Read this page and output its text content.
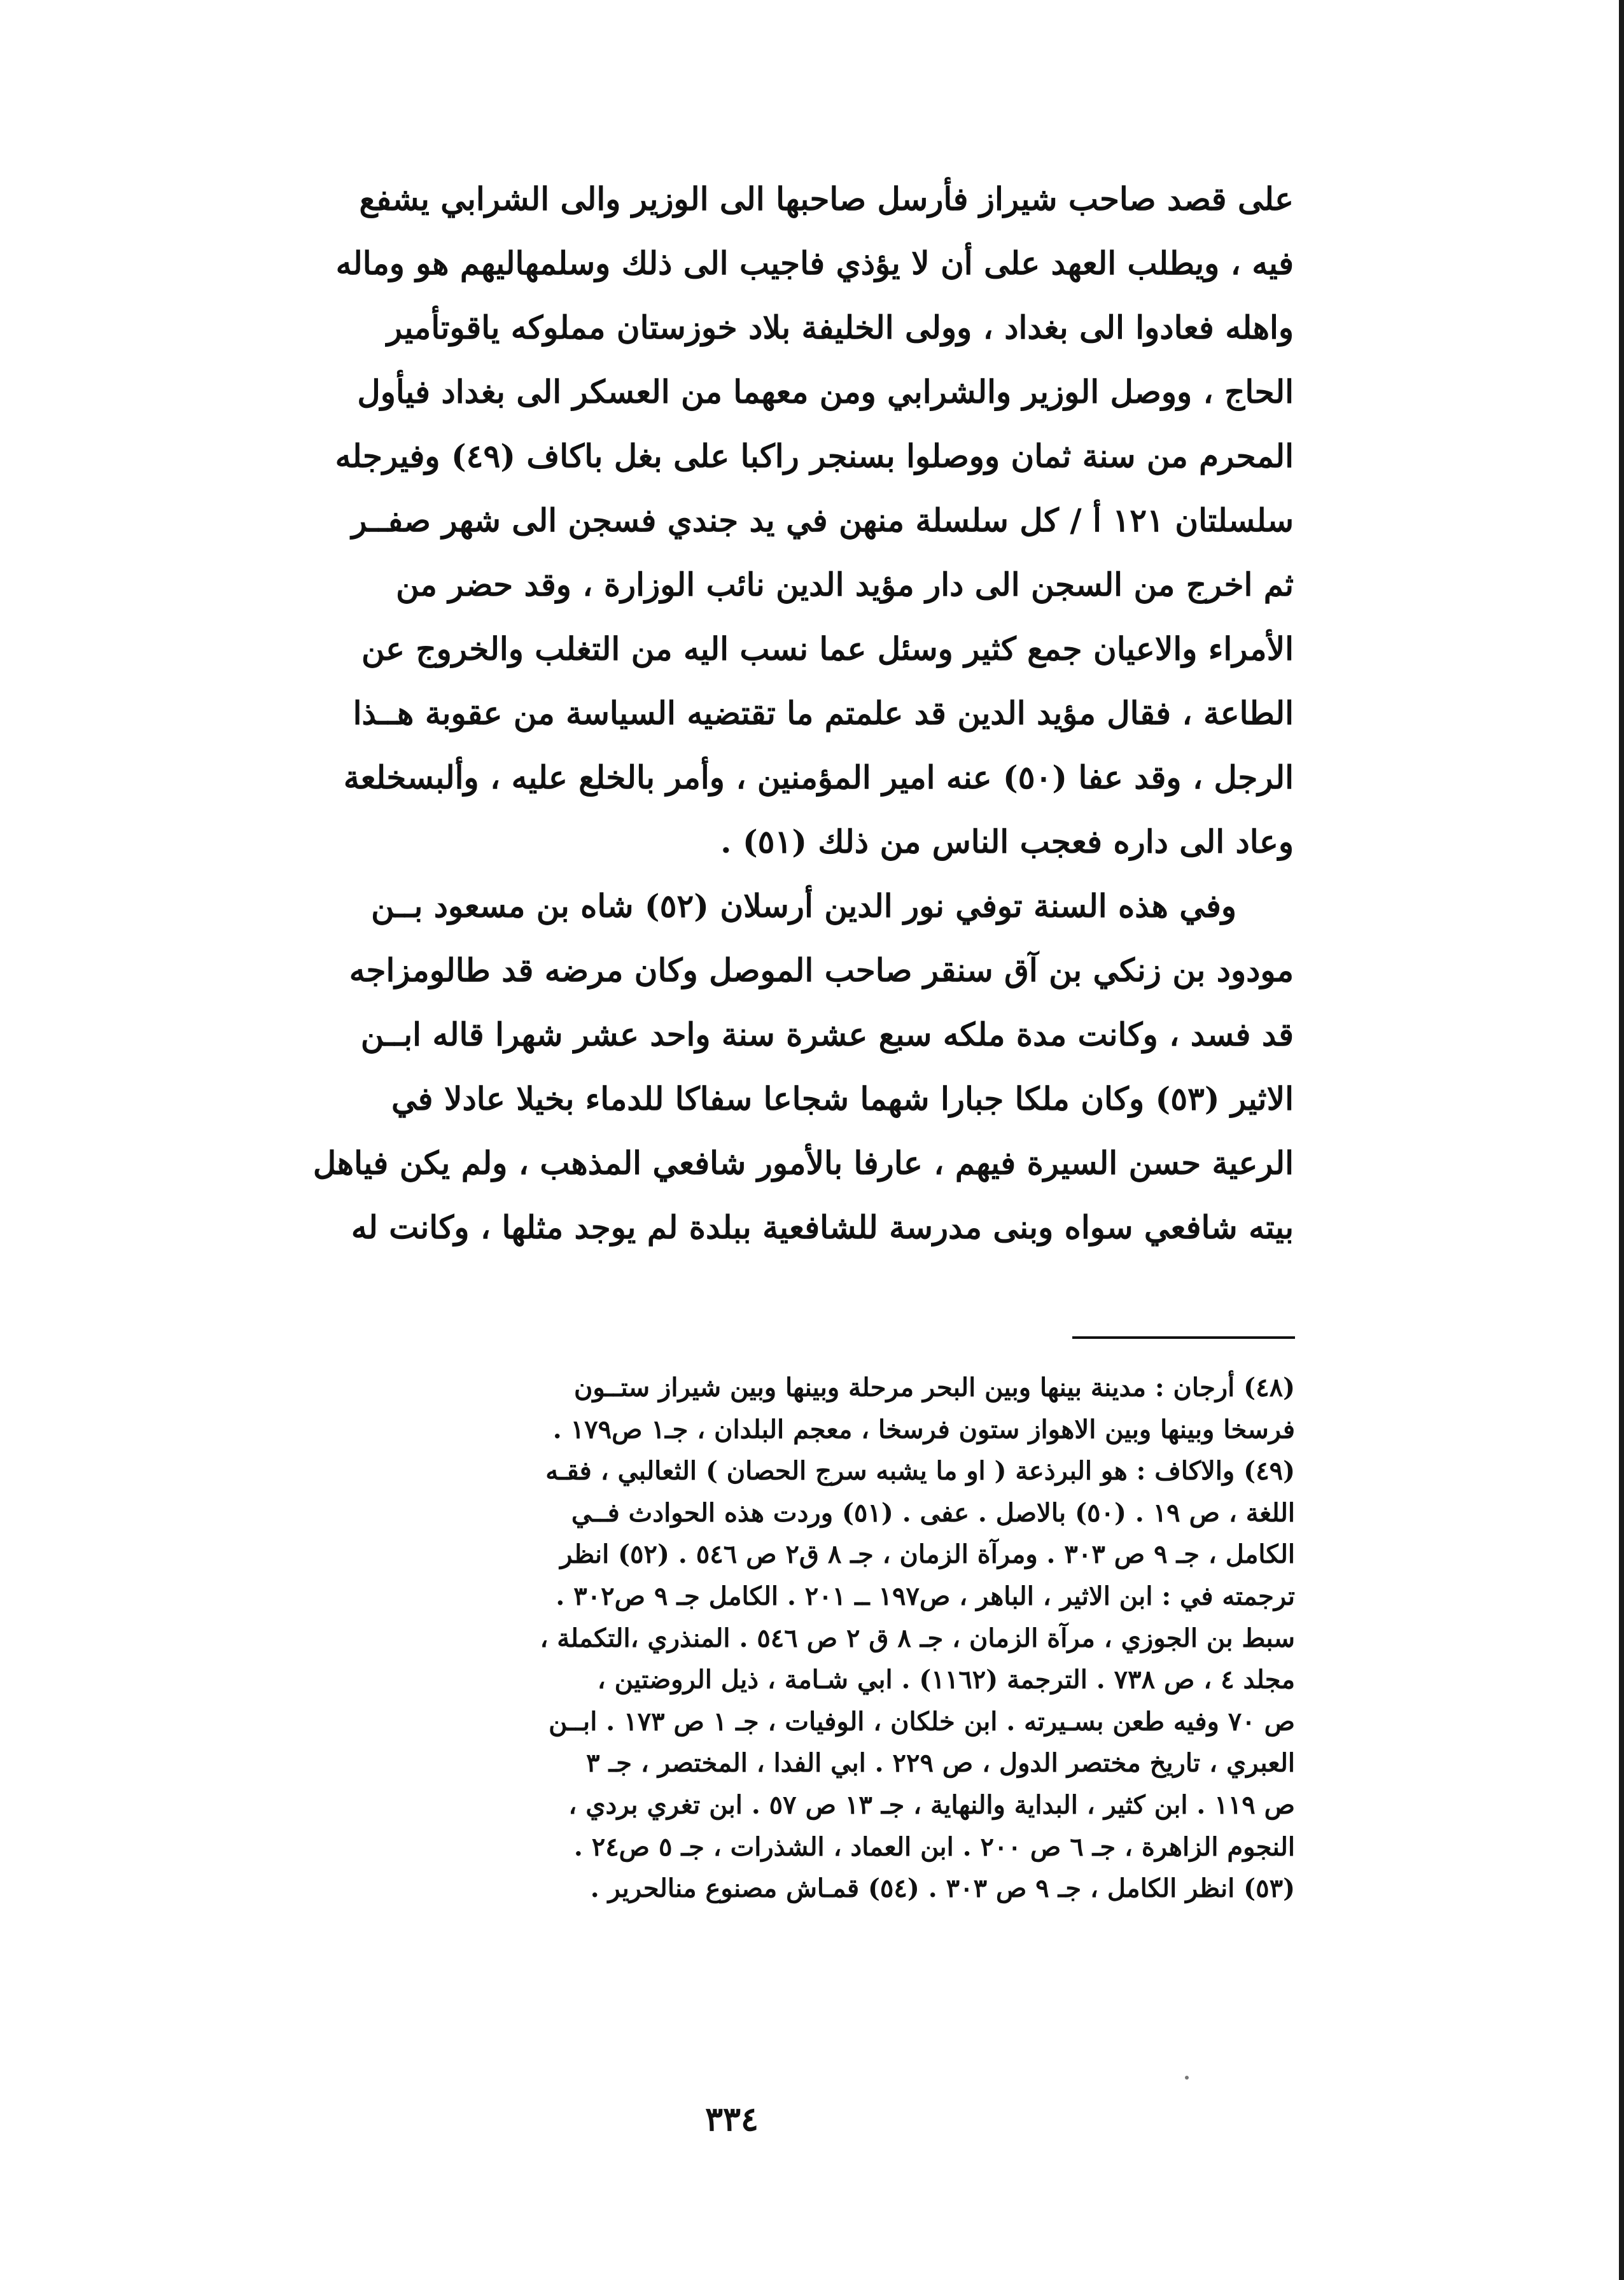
على قصد صاحب شيراز فأرسل صاحبها الى الوزير والى الشرابي يشفع
فيه ، ويطلب العهد على أن لا يؤذي فاجيب الى ذلك وسلمهاليهم هو وماله
واهله فعادوا الى بغداد ، وولى الخليفة بلاد خوزستان مملوكه ياقوتأمير
الحاج ، ووصل الوزير والشرابي ومن معهما من العسكر الى بغداد فيأول
المحرم من سنة ثمان ووصلوا بسنجر راكبا على بغل باكاف (٤٩) وفيرجله
سلسلتان ١٢١ أ / كل سلسلة منهن في يد جندي فسجن الى شهر صفــر
ثم اخرج من السجن الى دار مؤيد الدين نائب الوزارة ، وقد حضر من
الأمراء والاعيان جمع كثير وسئل عما نسب اليه من التغلب والخروج عن
الطاعة ، فقال مؤيد الدين قد علمتم ما تقتضيه السياسة من عقوبة هــذا
الرجل ، وقد عفا (٥٠) عنه امير المؤمنين ، وأمر بالخلع عليه ، وألبسخلعة
وعاد الى داره فعجب الناس من ذلك (٥١) .
وفي هذه السنة توفي نور الدين أرسلان (٥٢) شاه بن مسعود بــن
مودود بن زنكي بن آق سنقر صاحب الموصل وكان مرضه قد طالومزاجه
قد فسد ، وكانت مدة ملكه سبع عشرة سنة واحد عشر شهرا قاله ابــن
الاثير (٥٣) وكان ملكا جبارا شهما شجاعا سفاكا للدماء بخيلا عادلا في
الرعية حسن السيرة فيهم ، عارفا بالأمور شافعي المذهب ، ولم يكن فياهل
بيته شافعي سواه وبنى مدرسة للشافعية ببلدة لم يوجد مثلها ، وكانت له
(٤٨) أرجان : مدينة بينها وبين البحر مرحلة وبينها وبين شيراز ستــون
فرسخا وبينها وبين الاهواز ستون فرسخا ، معجم البلدان ، جـ١ ص١٧٩ .
(٤٩) والاكاف : هو البرذعة ( او ما يشبه سرج الحصان ) الثعالبي ، فقـه
اللغة ، ص ١٩ . (٥٠) بالاصل . عفى . (٥١) وردت هذه الحوادث فــي
الكامل ، جـ ٩ ص ٣٠٣ . ومرآة الزمان ، جـ ٨ ق٢ ص ٥٤٦ . (٥٢) انظر
ترجمته في : ابن الاثير ، الباهر ، ص١٩٧ ــ ٢٠١ . الكامل جـ ٩ ص٣٠٢ .
سبط بن الجوزي ، مرآة الزمان ، جـ ٨ ق ٢ ص ٥٤٦ . المنذري ،التكملة ،
مجلد ٤ ، ص ٧٣٨ . الترجمة (١١٦٢) . ابي شـامة ، ذيل الروضتين ،
ص ٧٠ وفيه طعن بسـيرته . ابن خلكان ، الوفيات ، جـ ١ ص ١٧٣ . ابــن
العبري ، تاريخ مختصر الدول ، ص ٢٢٩ . ابي الفدا ، المختصر ، جـ ٣
ص ١١٩ . ابن كثير ، البداية والنهاية ، جـ ١٣ ص ٥٧ . ابن تغري بردي ،
النجوم الزاهرة ، جـ ٦ ص ٢٠٠ . ابن العماد ، الشذرات ، جـ ٥ ص٢٤ .
(٥٣) انظر الكامل ، جـ ٩ ص ٣٠٣ . (٥٤) قمـاش مصنوع منالحرير .
٣٣٤
